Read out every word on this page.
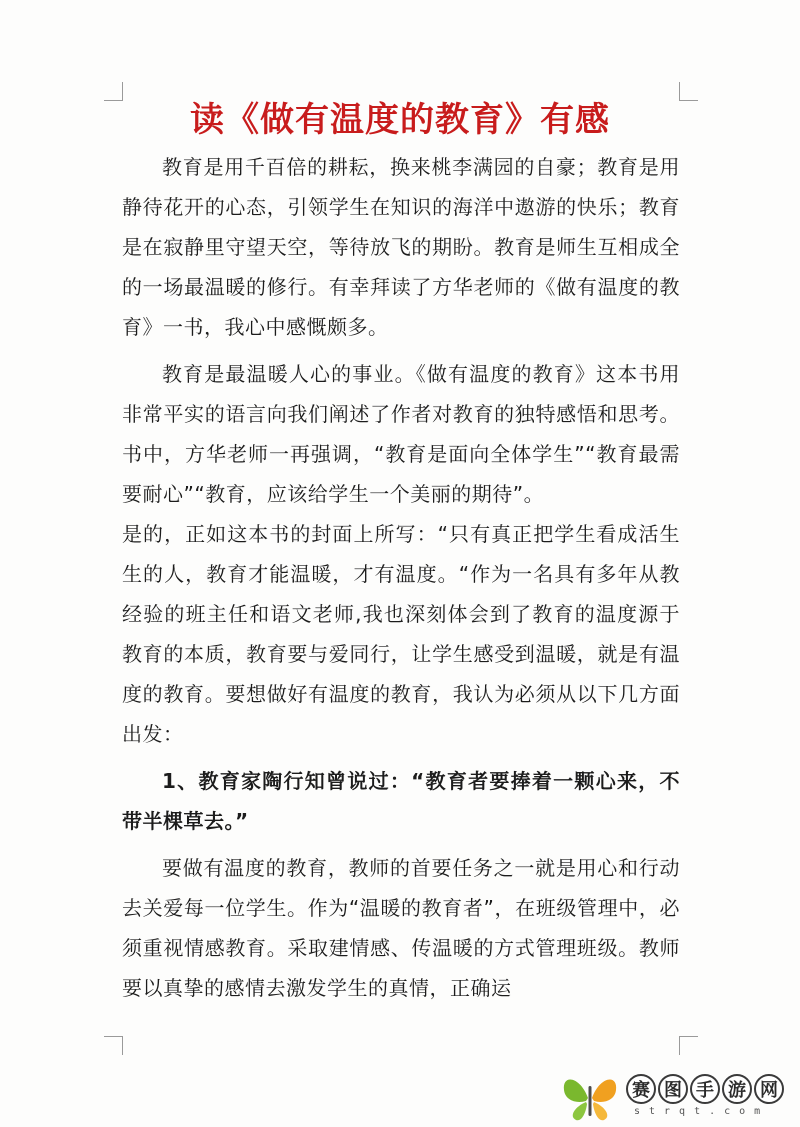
读《做有温度的教育》有感

教育是用千百倍的耕耘，换来桃李满园的自豪；教育是用静待花开的心态，引领学生在知识的海洋中遨游的快乐；教育是在寂静里守望天空，等待放飞的期盼。教育是师生互相成全的一场最温暖的修行。有幸拜读了方华老师的《做有温度的教育》一书，我心中感慨颇多。

教育是最温暖人心的事业。《做有温度的教育》这本书用非常平实的语言向我们阐述了作者对教育的独特感悟和思考。书中，方华老师一再强调，“教育是面向全体学生”“教育最需要耐心”“教育，应该给学生一个美丽的期待”。

是的，正如这本书的封面上所写：“只有真正把学生看成活生生的人，教育才能温暖，才有温度。“作为一名具有多年从教经验的班主任和语文老师,我也深刻体会到了教育的温度源于教育的本质，教育要与爱同行，让学生感受到温暖，就是有温度的教育。要想做好有温度的教育，我认为必须从以下几方面出发：

1、教育家陶行知曾说过：“教育者要捧着一颗心来，不带半棵草去。”

要做有温度的教育，教师的首要任务之一就是用心和行动去关爱每一位学生。作为“温暖的教育者”，在班级管理中，必须重视情感教育。采取建情感、传温暖的方式管理班级。教师要以真挚的感情去激发学生的真情，正确运

赛 图 手 游 网
strqt.com
